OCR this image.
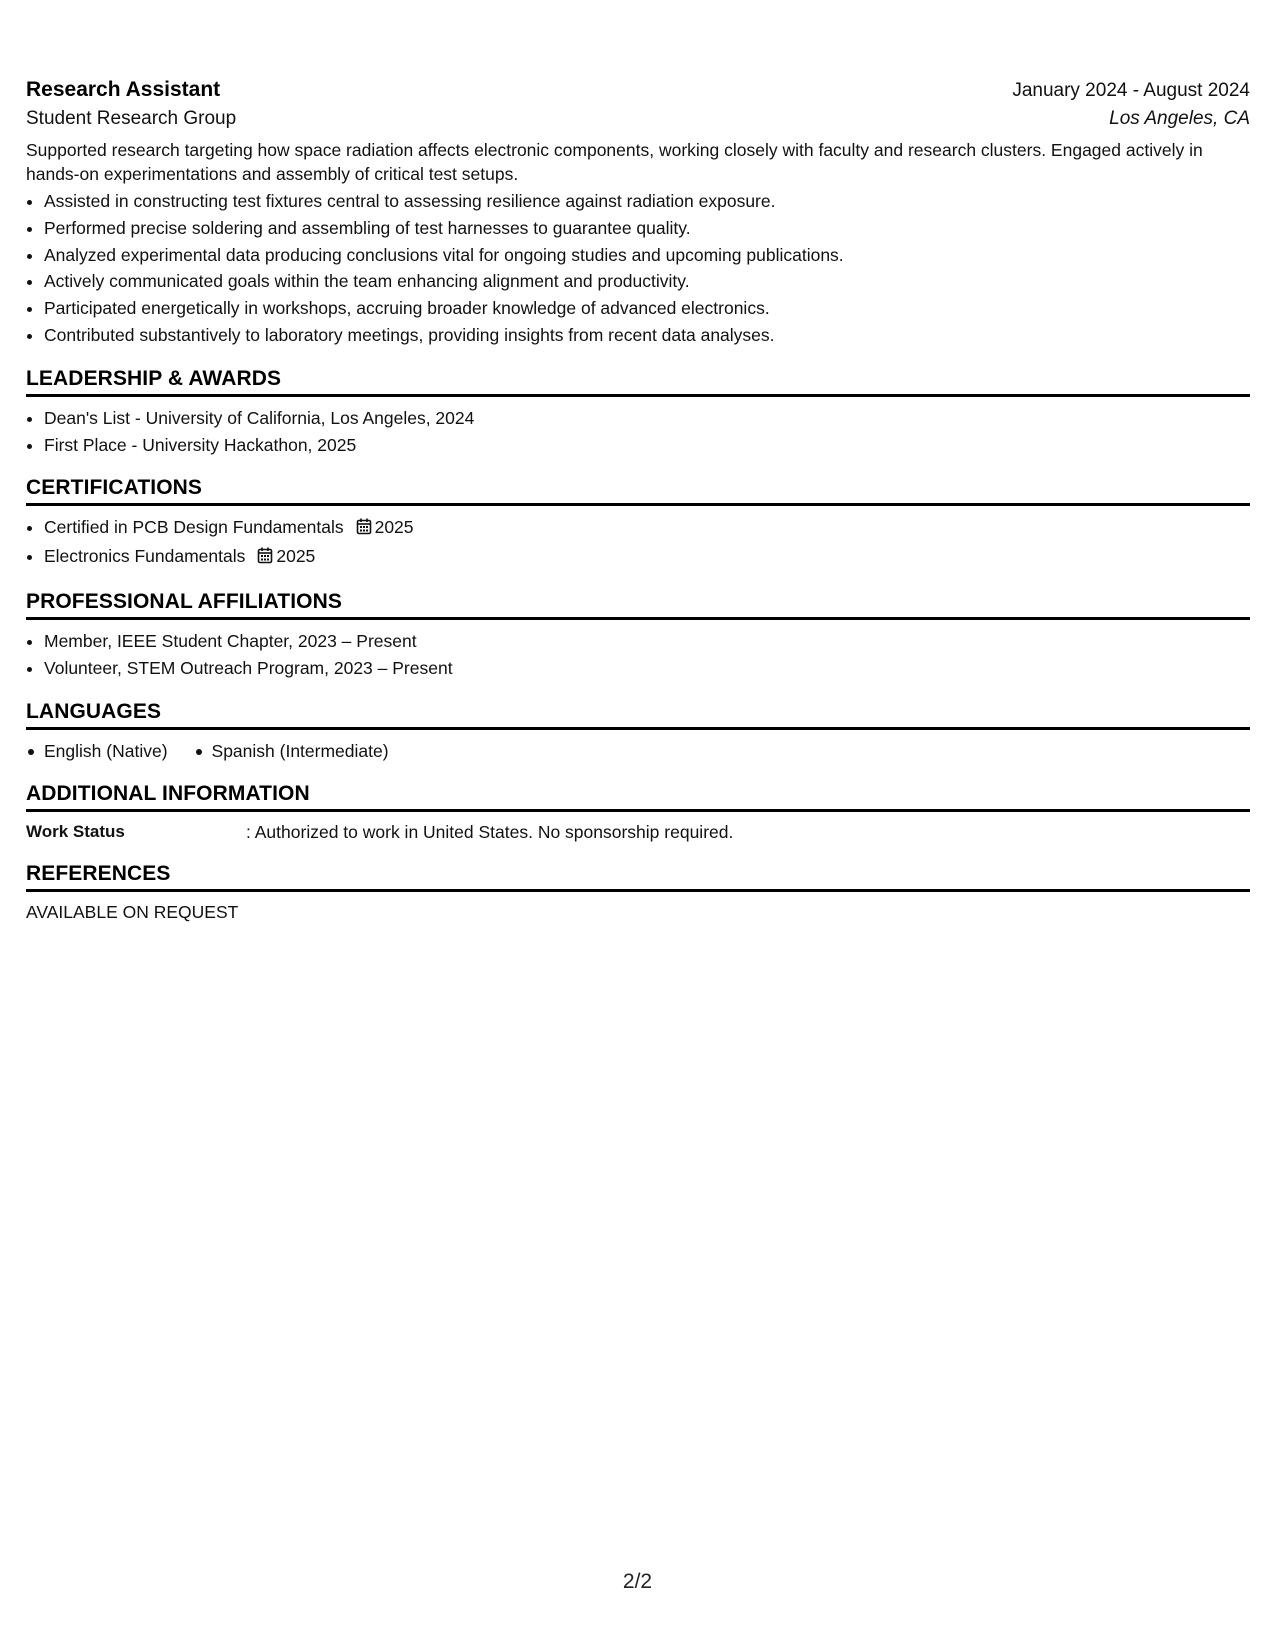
Research Assistant	January 2024 - August 2024
Student Research Group	Los Angeles, CA
Supported research targeting how space radiation affects electronic components, working closely with faculty and research clusters. Engaged actively in hands-on experimentations and assembly of critical test setups.
• Assisted in constructing test fixtures central to assessing resilience against radiation exposure.
• Performed precise soldering and assembling of test harnesses to guarantee quality.
• Analyzed experimental data producing conclusions vital for ongoing studies and upcoming publications.
• Actively communicated goals within the team enhancing alignment and productivity.
• Participated energetically in workshops, accruing broader knowledge of advanced electronics.
• Contributed substantively to laboratory meetings, providing insights from recent data analyses.
LEADERSHIP & AWARDS
• Dean's List - University of California, Los Angeles, 2024
• First Place - University Hackathon, 2025
CERTIFICATIONS
• Certified in PCB Design Fundamentals 2025
• Electronics Fundamentals 2025
PROFESSIONAL AFFILIATIONS
• Member, IEEE Student Chapter, 2023 – Present
• Volunteer, STEM Outreach Program, 2023 – Present
LANGUAGES
English (Native)	Spanish (Intermediate)
ADDITIONAL INFORMATION
Work Status	: Authorized to work in United States. No sponsorship required.
REFERENCES
AVAILABLE ON REQUEST
2/2
